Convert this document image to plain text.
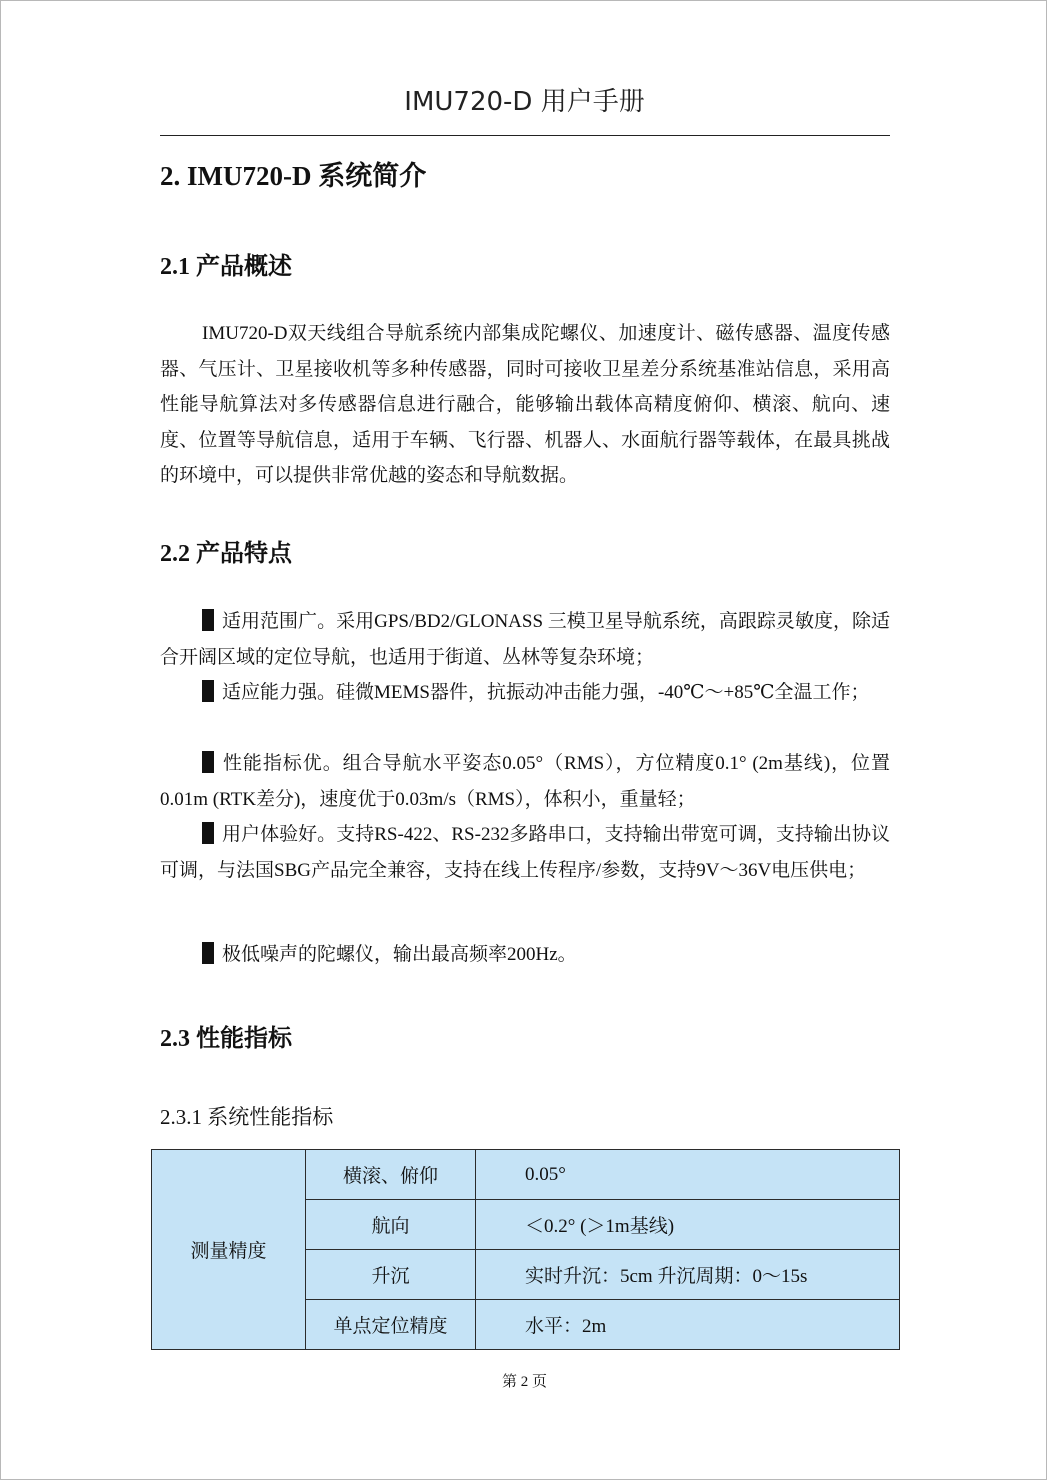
IMU720-D 用户手册
2. IMU720-D 系统简介
2.1 产品概述

IMU720-D双天线组合导航系统内部集成陀螺仪、加速度计、磁传感器、温度传感器、气压计、卫星接收机等多种传感器，同时可接收卫星差分系统基准站信息，采用高性能导航算法对多传感器信息进行融合，能够输出载体高精度俯仰、横滚、航向、速度、位置等导航信息，适用于车辆、飞行器、机器人、水面航行器等载体，在最具挑战的环境中，可以提供非常优越的姿态和导航数据。

2.2 产品特点

适用范围广。采用GPS/BD2/GLONASS 三模卫星导航系统，高跟踪灵敏度，除适合开阔区域的定位导航，也适用于街道、丛林等复杂环境；

适应能力强。硅微MEMS器件，抗振动冲击能力强，-40℃～+85℃全温工作；

性能指标优。组合导航水平姿态0.05°（RMS），方位精度0.1° (2m基线)，位置0.01m (RTK差分)，速度优于0.03m/s（RMS），体积小，重量轻；

用户体验好。支持RS-422、RS-232多路串口，支持输出带宽可调，支持输出协议可调，与法国SBG产品完全兼容，支持在线上传程序/参数，支持9V～36V电压供电；

极低噪声的陀螺仪，输出最高频率200Hz。

2.3 性能指标
2.3.1 系统性能指标
测量精度	横滚、俯仰	0.05°
	航向	＜0.2° (＞1m基线)
	升沉	实时升沉：5cm 升沉周期：0～15s
	单点定位精度	水平：2m
第 2 页
